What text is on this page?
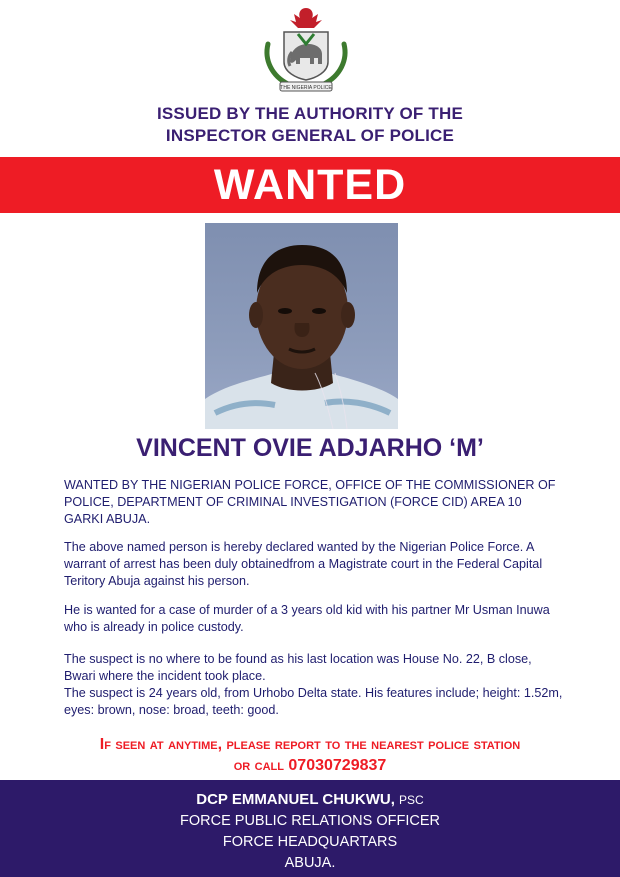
THE NIGERIA POLICE
ISSUED BY THE AUTHORITY OF THE
INSPECTOR GENERAL OF POLICE
WANTED
VINCENT OVIE ADJARHO ‘M’
WANTED BY THE NIGERIAN POLICE FORCE, OFFICE OF THE COMMISSIONER OF POLICE, DEPARTMENT OF CRIMINAL INVESTIGATION (FORCE CID) AREA 10 GARKI ABUJA.
The above named person is hereby declared wanted by the Nigerian Police Force. A warrant of arrest has been duly obtainedfrom a Magistrate court in the Federal Capital Teritory Abuja against his person.
He is wanted for a case of murder of a 3 years old kid with his partner Mr Usman Inuwa who is already in police custody.
The suspect is no where to be found as his last location was House No. 22, B close, Bwari where the incident took place.
The suspect is 24 years old, from Urhobo Delta state. His features include; height: 1.52m, eyes: brown, nose: broad, teeth: good.
If seen at anytime, please report to the nearest police station
or call 07030729837
DCP EMMANUEL CHUKWU, PSC
FORCE PUBLIC RELATIONS OFFICER
FORCE HEADQUARTARS
ABUJA.
